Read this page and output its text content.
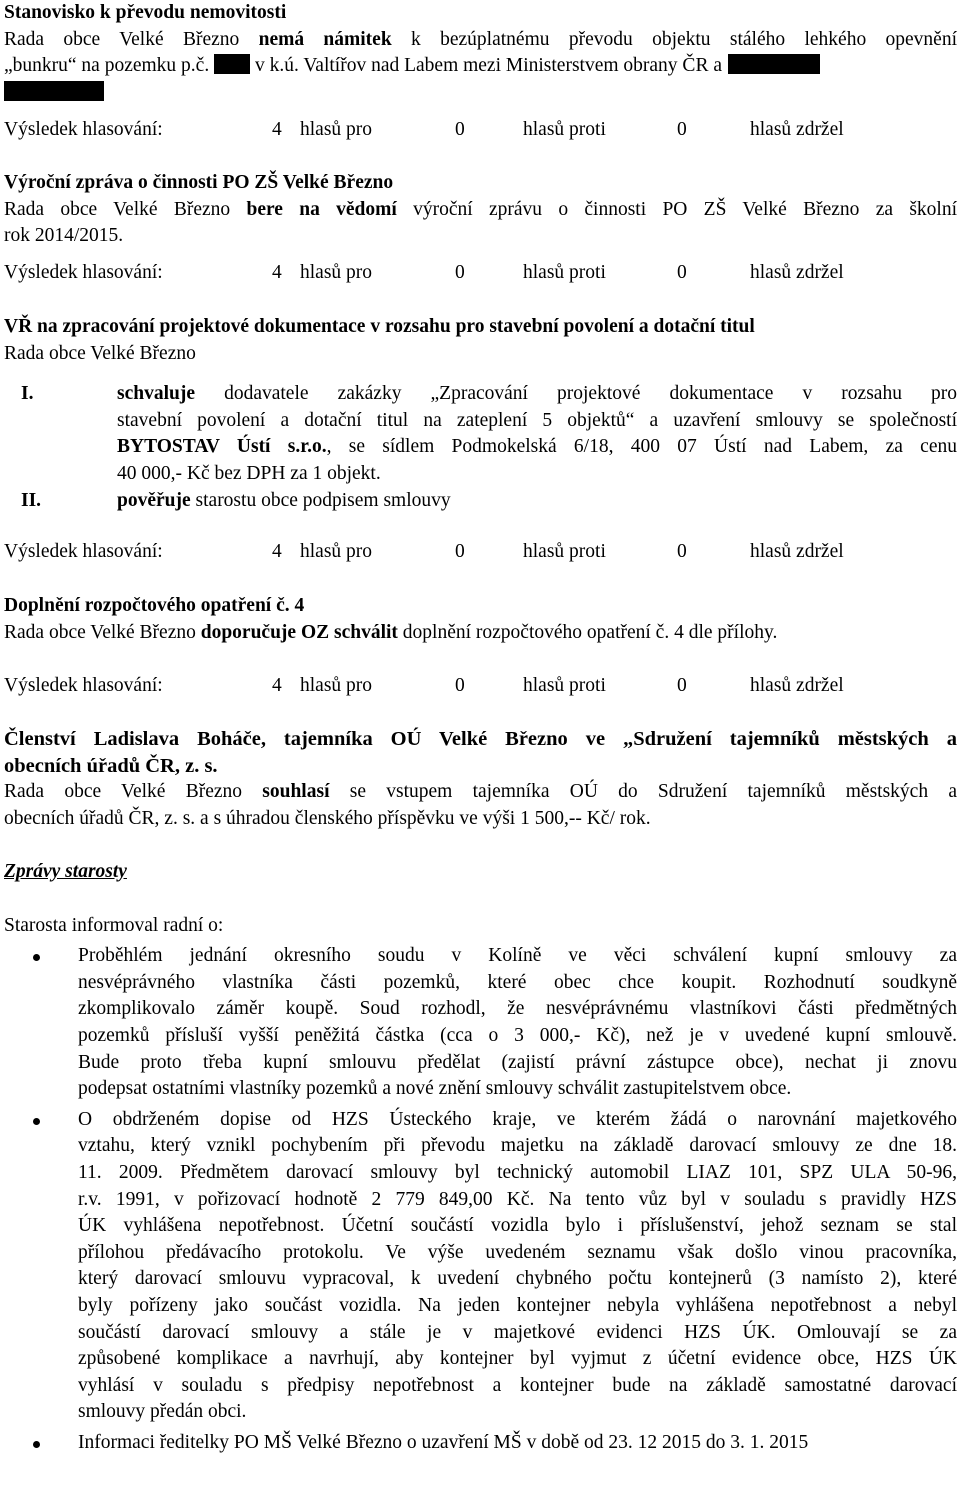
Stanovisko k převodu nemovitosti

Rada obce Velké Březno nemá námitek k bezúplatnému převodu objektu stálého lehkého opevnění

„bunkru“ na pozemku p.č.  v k.ú. Valtířov nad Labem mezi Ministerstvem obrany ČR a

Výsledek hlasování:	4 hlasů pro	0	hlasů proti	0	hlasů zdržel

Výroční zpráva o činnosti PO ZŠ Velké Březno

Rada obce Velké Březno bere na vědomí výroční zprávu o činnosti PO ZŠ Velké Březno za školní

rok 2014/2015.

Výsledek hlasování:	4 hlasů pro	0	hlasů proti	0	hlasů zdržel

VŘ na zpracování projektové dokumentace v rozsahu pro stavební povolení a dotační titul

Rada obce Velké Březno

I.	schvaluje dodavatele zakázky „Zpracování projektové dokumentace v rozsahu pro

stavební povolení a dotační titul na zateplení 5 objektů“ a uzavření smlouvy se společností

BYTOSTAV Ústí s.r.o., se sídlem Podmokelská 6/18, 400 07 Ústí nad Labem, za cenu

40 000,- Kč bez DPH za 1 objekt.

II.	pověřuje starostu obce podpisem smlouvy

Výsledek hlasování:	4 hlasů pro	0	hlasů proti	0	hlasů zdržel

Doplnění rozpočtového opatření č. 4

Rada obce Velké Březno doporučuje OZ schválit doplnění rozpočtového opatření č. 4 dle přílohy.

Výsledek hlasování:	4 hlasů pro	0	hlasů proti	0	hlasů zdržel

Členství Ladislava Boháče, tajemníka OÚ Velké Březno ve „Sdružení tajemníků městských a

obecních úřadů ČR, z. s.

Rada obce Velké Březno souhlasí se vstupem tajemníka OÚ do Sdružení tajemníků městských a

obecních úřadů ČR, z. s. a s úhradou členského příspěvku ve výši 1 500,-- Kč/ rok.

Zprávy starosty

Starosta informoval radní o:

Proběhlém jednání okresního soudu v Kolíně ve věci schválení kupní smlouvy za

nesvéprávného vlastníka části pozemků, které obec chce koupit. Rozhodnutí soudkyně

zkomplikovalo záměr koupě. Soud rozhodl, že nesvéprávnému vlastníkovi části předmětných

pozemků přísluší vyšší peněžitá částka (cca o 3 000,- Kč), než je v uvedené kupní smlouvě.

Bude proto třeba kupní smlouvu předělat (zajistí právní zástupce obce), nechat ji znovu

podepsat ostatními vlastníky pozemků a nové znění smlouvy schválit zastupitelstvem obce.

O obdrženém dopise od HZS Ústeckého kraje, ve kterém žádá o narovnání majetkového

vztahu, který vznikl pochybením při převodu majetku na základě darovací smlouvy ze dne 18.

11. 2009. Předmětem darovací smlouvy byl technický automobil LIAZ 101, SPZ ULA 50-96,

r.v. 1991, v pořizovací hodnotě 2 779 849,00 Kč. Na tento vůz byl v souladu s pravidly HZS

ÚK vyhlášena nepotřebnost. Účetní součástí vozidla bylo i příslušenství, jehož seznam se stal

přílohou předávacího protokolu. Ve výše uvedeném seznamu však došlo vinou pracovníka,

který darovací smlouvu vypracoval, k uvedení chybného počtu kontejnerů (3 namísto 2), které

byly pořízeny jako součást vozidla. Na jeden kontejner nebyla vyhlášena nepotřebnost a nebyl

součástí darovací smlouvy a stále je v majetkové evidenci HZS ÚK. Omlouvají se za

způsobené komplikace a navrhují, aby kontejner byl vyjmut z účetní evidence obce, HZS ÚK

vyhlásí v souladu s předpisy nepotřebnost a kontejner bude na základě samostatné darovací

smlouvy předán obci.

Informaci ředitelky PO MŠ Velké Březno o uzavření MŠ v době od 23. 12 2015 do 3. 1. 2015
